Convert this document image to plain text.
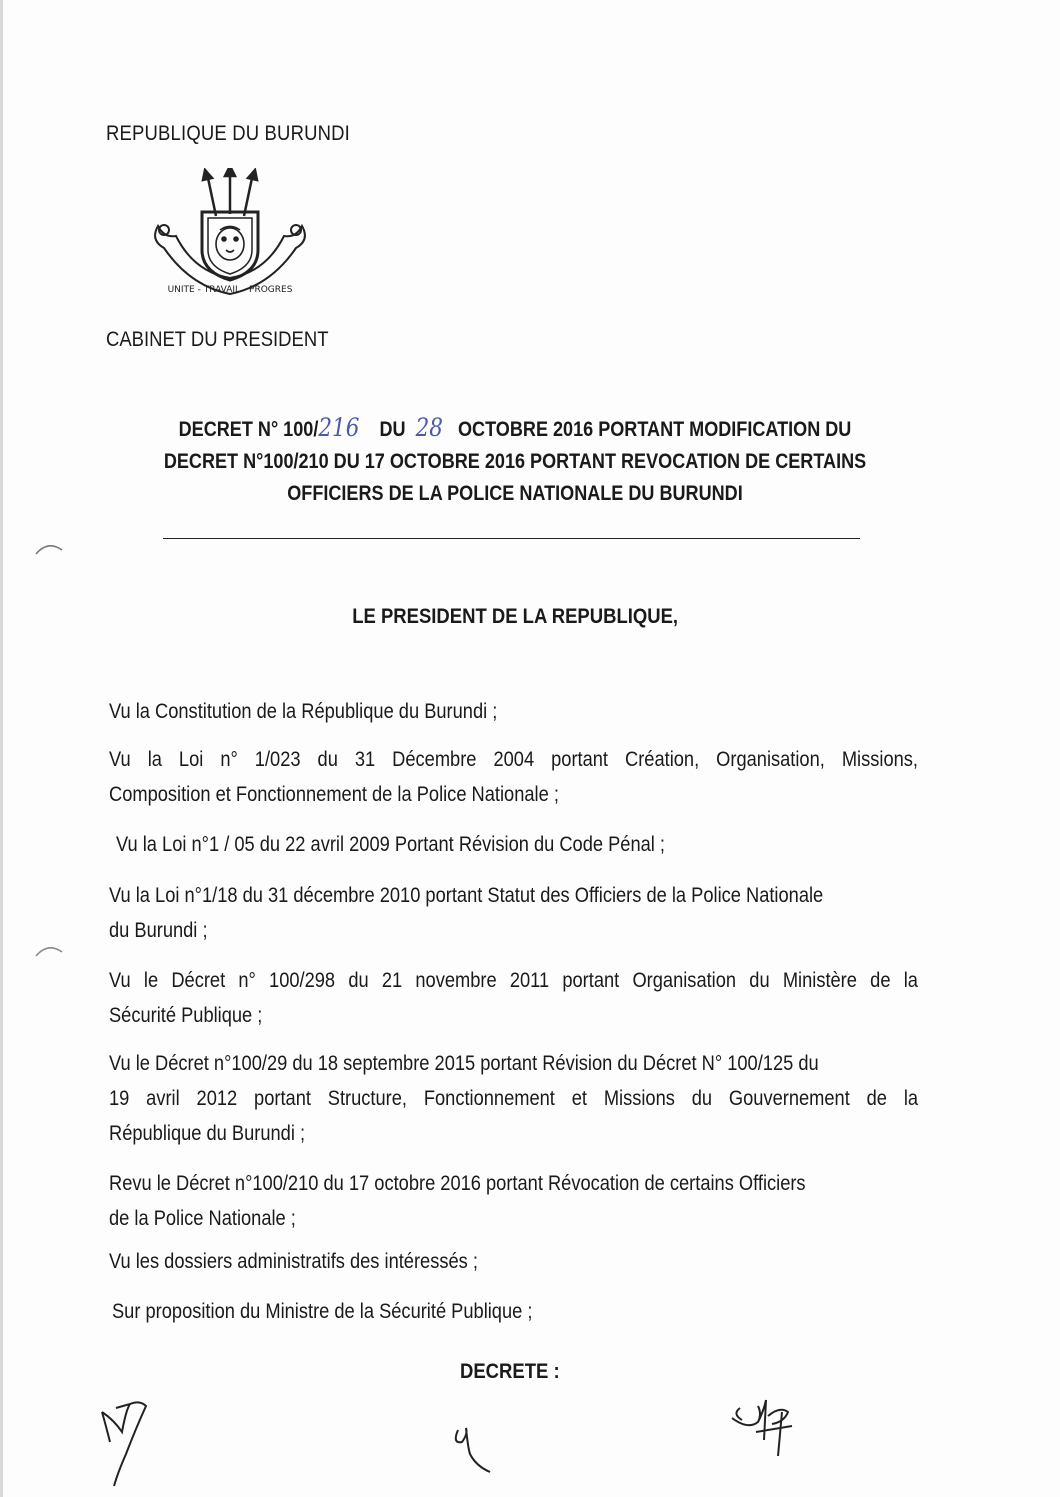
REPUBLIQUE DU BURUNDI
UNITE - TRAVAIL - PROGRES
CABINET DU PRESIDENT
DECRET N° 100/216 DU 28 OCTOBRE 2016 PORTANT MODIFICATION DU
DECRET N°100/210 DU 17 OCTOBRE 2016 PORTANT REVOCATION DE CERTAINS
OFFICIERS DE LA POLICE NATIONALE DU BURUNDI
LE PRESIDENT DE LA REPUBLIQUE,
Vu la Constitution de la République du Burundi ;
Vu la Loi n° 1/023 du 31 Décembre 2004 portant Création, Organisation, Missions,
Composition et Fonctionnement de la Police Nationale ;
Vu la Loi n°1 / 05 du 22 avril 2009 Portant Révision du Code Pénal ;
Vu la Loi n°1/18 du 31 décembre 2010 portant Statut des Officiers de la Police Nationale
du Burundi ;
Vu le Décret n° 100/298 du 21 novembre 2011 portant Organisation du Ministère de la
Sécurité Publique ;
Vu le Décret n°100/29 du 18 septembre 2015 portant Révision du Décret N° 100/125 du
19 avril 2012 portant Structure, Fonctionnement et Missions du Gouvernement de la
République du Burundi ;
Revu le Décret n°100/210 du 17 octobre 2016 portant Révocation de certains Officiers
de la Police Nationale ;
Vu les dossiers administratifs des intéressés ;
Sur proposition du Ministre de la Sécurité Publique ;
DECRETE :
